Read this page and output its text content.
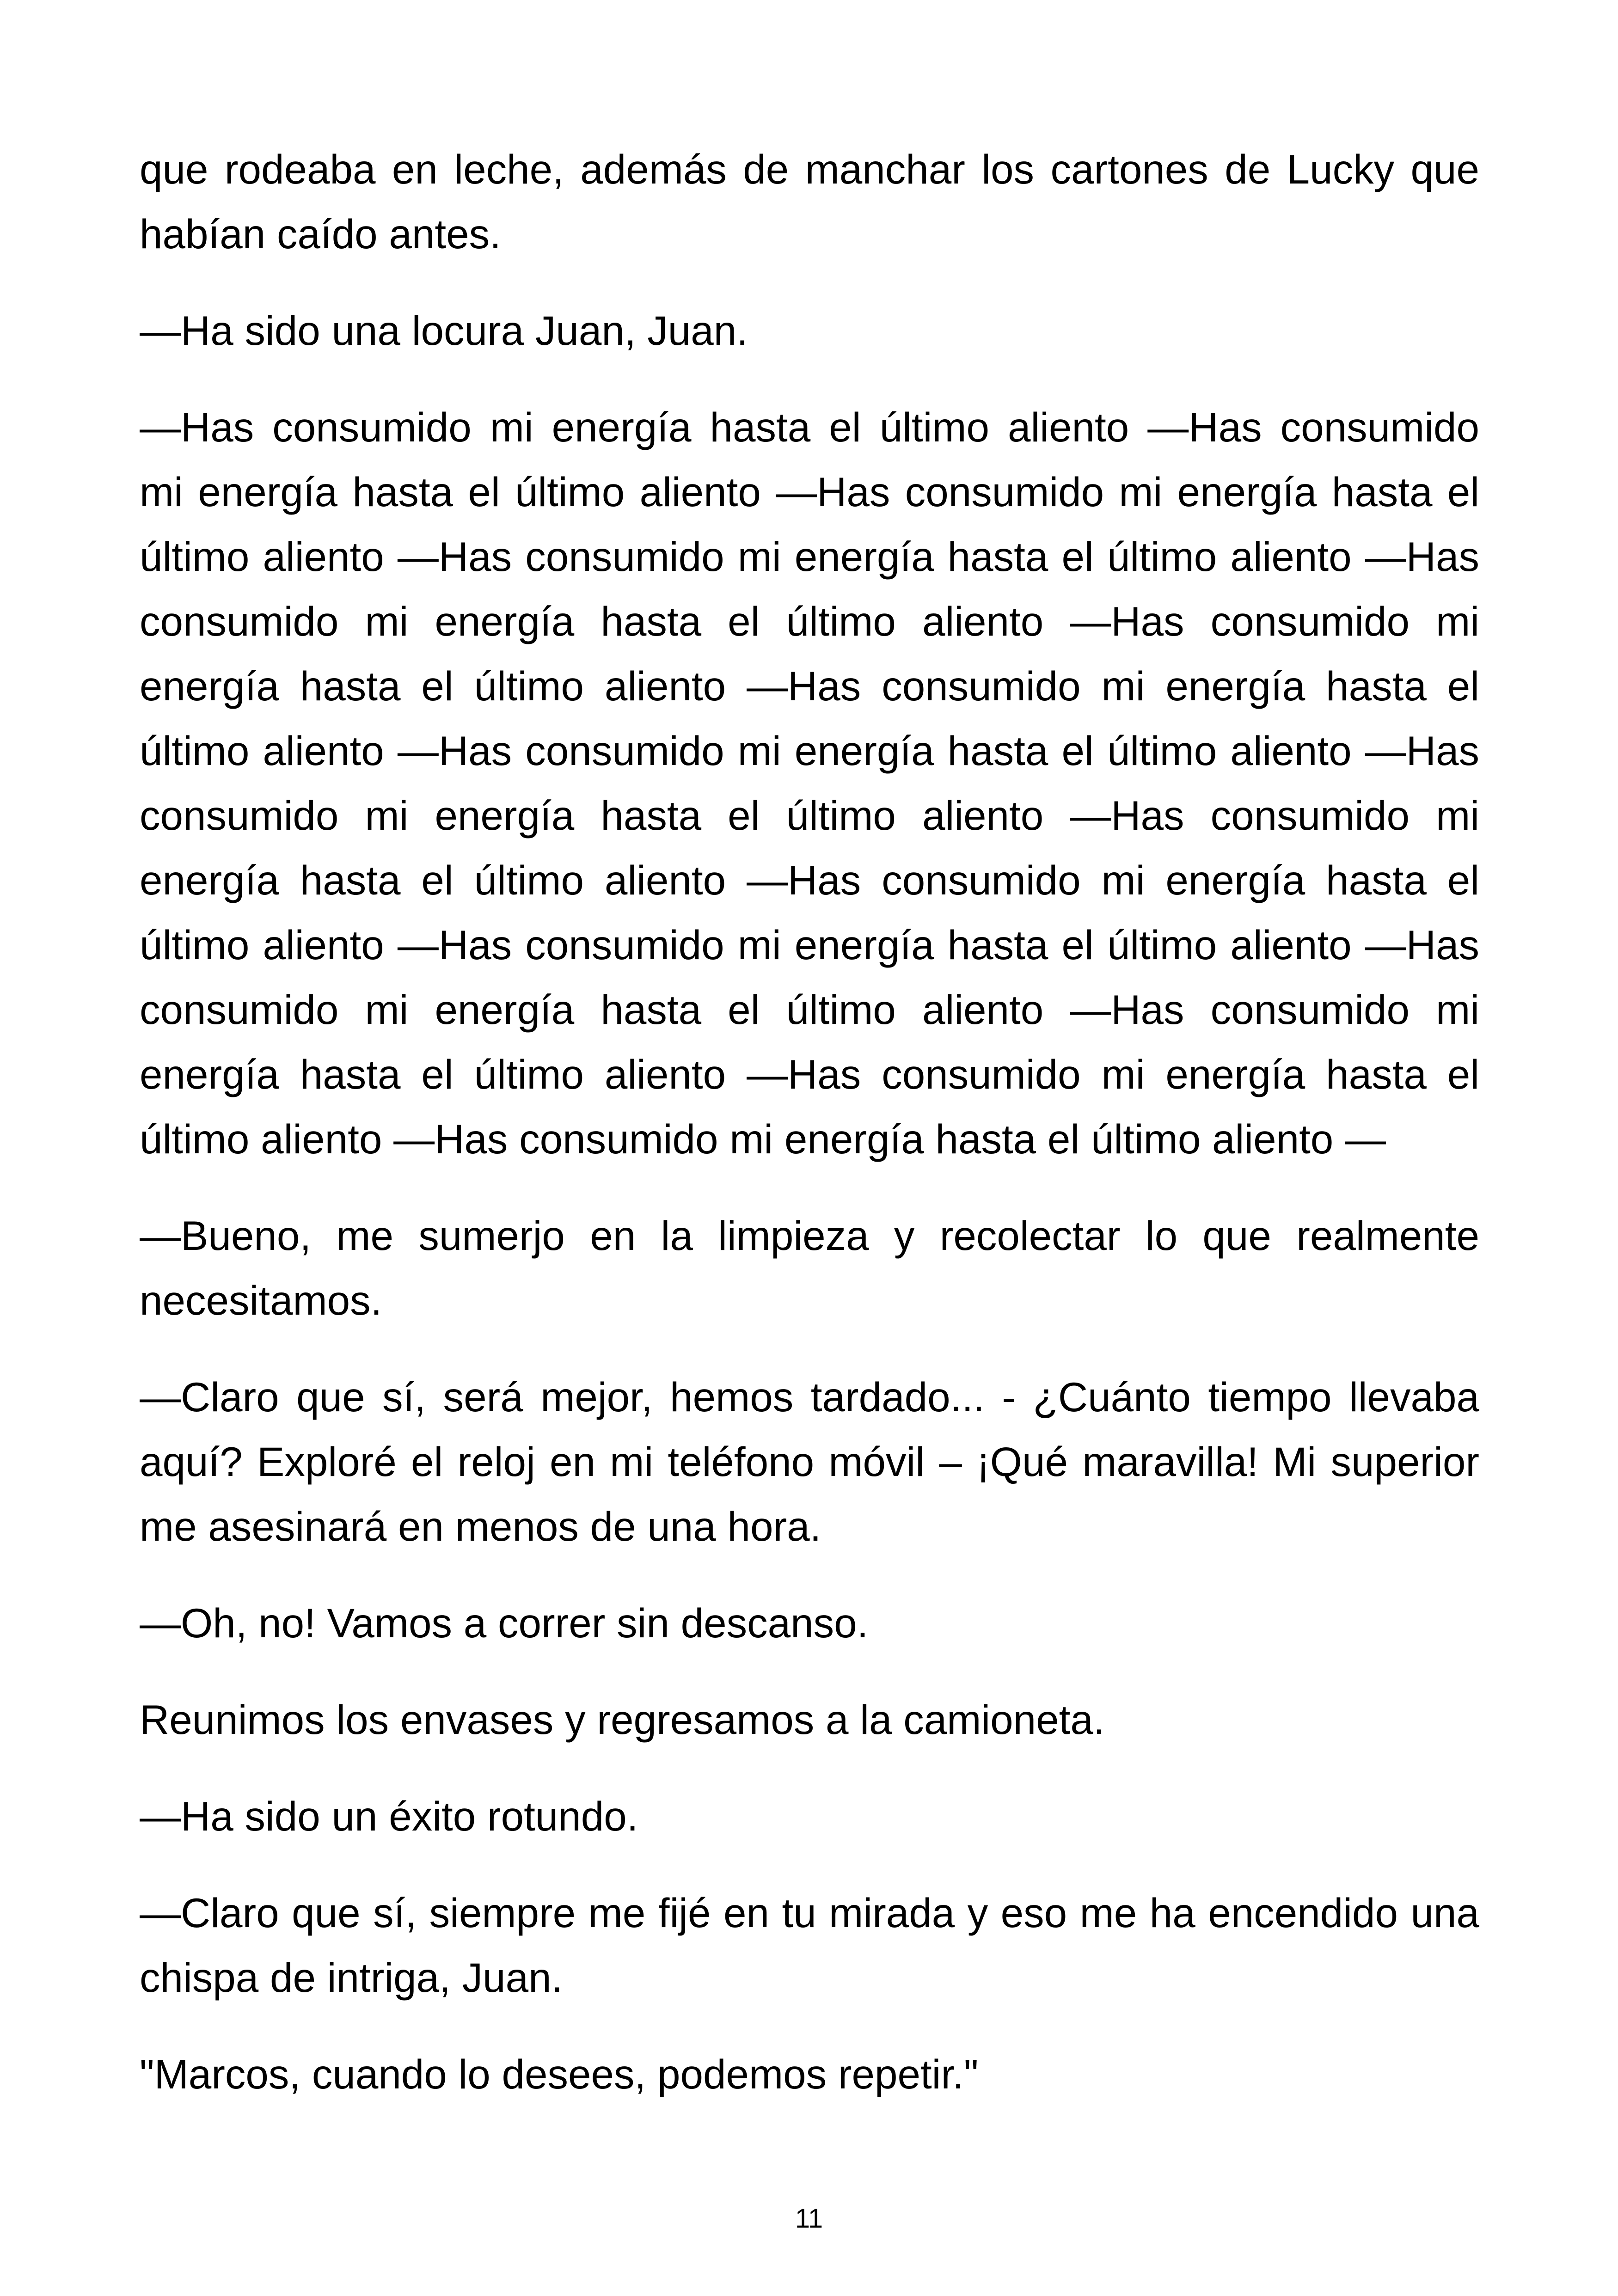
que rodeaba en leche, además de manchar los cartones de Lucky que
habían caído antes.

—Ha sido una locura Juan, Juan.

—Has consumido mi energía hasta el último aliento —Has consumido
mi energía hasta el último aliento —Has consumido mi energía hasta el
último aliento —Has consumido mi energía hasta el último aliento —Has
consumido mi energía hasta el último aliento —Has consumido mi
energía hasta el último aliento —Has consumido mi energía hasta el
último aliento —Has consumido mi energía hasta el último aliento —Has
consumido mi energía hasta el último aliento —Has consumido mi
energía hasta el último aliento —Has consumido mi energía hasta el
último aliento —Has consumido mi energía hasta el último aliento —Has
consumido mi energía hasta el último aliento —Has consumido mi
energía hasta el último aliento —Has consumido mi energía hasta el
último aliento —Has consumido mi energía hasta el último aliento —

—Bueno, me sumerjo en la limpieza y recolectar lo que realmente
necesitamos.

—Claro que sí, será mejor, hemos tardado... - ¿Cuánto tiempo llevaba
aquí? Exploré el reloj en mi teléfono móvil – ¡Qué maravilla! Mi superior
me asesinará en menos de una hora.

—Oh, no! Vamos a correr sin descanso.

Reunimos los envases y regresamos a la camioneta.

—Ha sido un éxito rotundo.

—Claro que sí, siempre me fijé en tu mirada y eso me ha encendido una
chispa de intriga, Juan.

"Marcos, cuando lo desees, podemos repetir."

11
